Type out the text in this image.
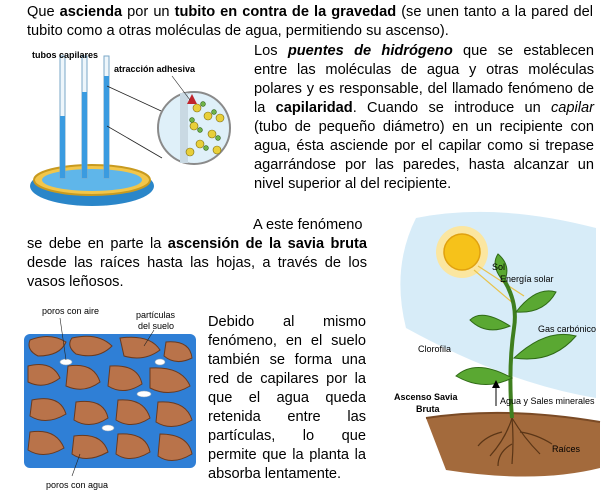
Que ascienda por un tubito en contra de la gravedad (se unen tanto a la pared del
tubito como a otras moléculas de agua, permitiendo su ascenso).
tubos capilares
atracción adhesiva
Los puentes de hidrógeno que se establecen
entre las moléculas de agua y otras moléculas
polares y es responsable, del llamado fenómeno de
la capilaridad. Cuando se introduce un capilar
(tubo de pequeño diámetro) en un recipiente con
agua, ésta asciende por el capilar como si trepase
agarrándose por las paredes, hasta alcanzar un
nivel superior al del recipiente.
A este fenómeno
se debe en parte la ascensión de la savia bruta
desde las raíces hasta las hojas, a través de los
vasos leñosos.
Sol
Energía solar
Gas carbónico
Clorofila
Ascenso Savia
Bruta
Agua y Sales minerales
Raíces
poros con aire	partículas
del suelo
poros con agua
Debido al mismo
fenómeno, en el suelo
también se forma una
red de capilares por la
que el agua queda
retenida entre las
partículas, lo que
permite que la planta la
absorba lentamente.
